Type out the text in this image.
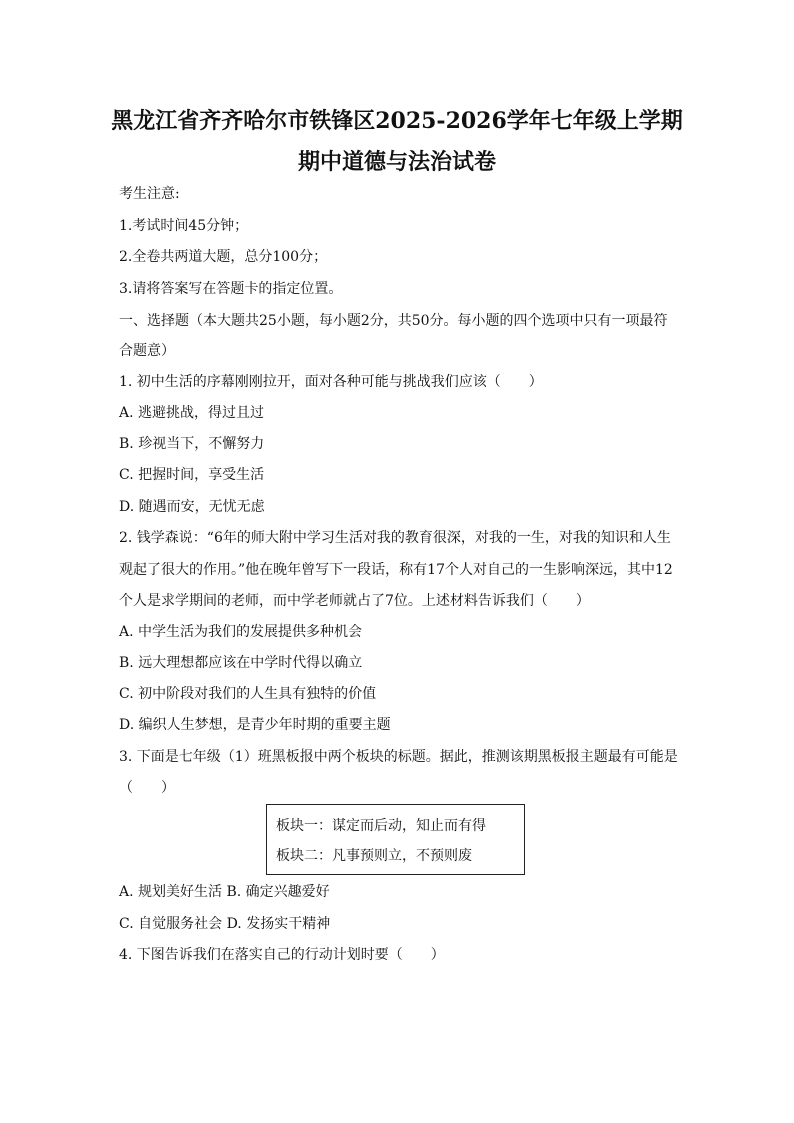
黑龙江省齐齐哈尔市铁锋区2025-2026学年七年级上学期
期中道德与法治试卷
考生注意:
1.考试时间45分钟；
2.全卷共两道大题，总分100分；
3.请将答案写在答题卡的指定位置。
一、选择题（本大题共25小题，每小题2分，共50分。每小题的四个选项中只有一项最符
合题意）
1. 初中生活的序幕刚刚拉开，面对各种可能与挑战我们应该（　　）
A. 逃避挑战，得过且过
B. 珍视当下，不懈努力
C. 把握时间，享受生活
D. 随遇而安，无忧无虑
2. 钱学森说：“6年的师大附中学习生活对我的教育很深，对我的一生，对我的知识和人生
观起了很大的作用。”他在晚年曾写下一段话，称有17个人对自己的一生影响深远，其中12
个人是求学期间的老师，而中学老师就占了7位。上述材料告诉我们（　　）
A. 中学生活为我们的发展提供多种机会
B. 远大理想都应该在中学时代得以确立
C. 初中阶段对我们的人生具有独特的价值
D. 编织人生梦想，是青少年时期的重要主题
3. 下面是七年级（1）班黑板报中两个板块的标题。据此，推测该期黑板报主题最有可能是
（　　）
板块一：谋定而后动，知止而有得
板块二：凡事预则立，不预则废
A. 规划美好生活 B. 确定兴趣爱好
C. 自觉服务社会 D. 发扬实干精神
4. 下图告诉我们在落实自己的行动计划时要（　　）
